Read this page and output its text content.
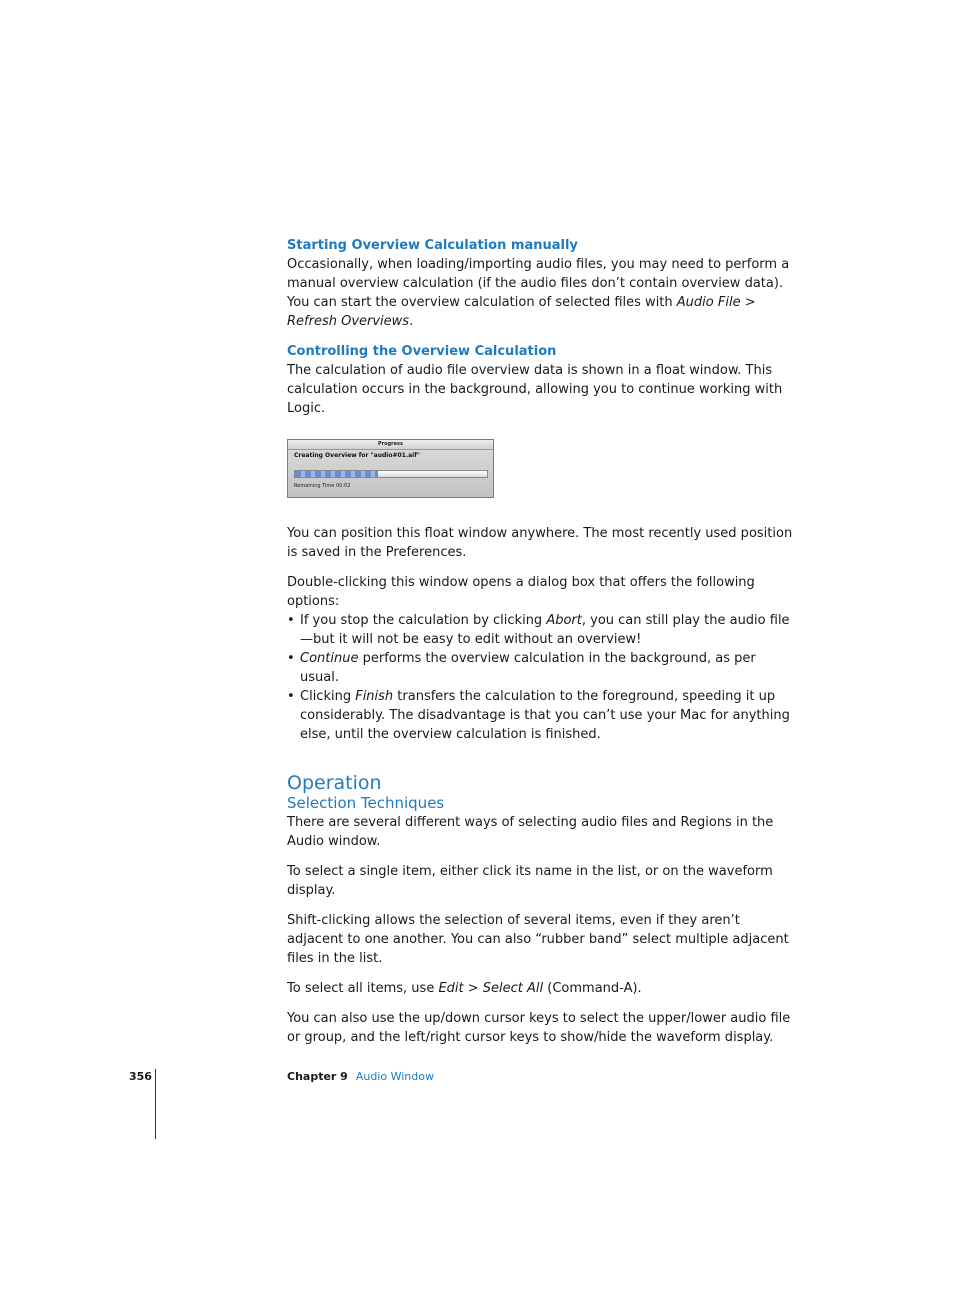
Starting Overview Calculation manually

Occasionally, when loading/importing audio files, you may need to perform a manual overview calculation (if the audio files don’t contain overview data). You can start the overview calculation of selected files with Audio File > Refresh Overviews.

Controlling the Overview Calculation

The calculation of audio file overview data is shown in a float window. This calculation occurs in the background, allowing you to continue working with Logic.

Progress
Creating Overview for "audio#01.aif"
Remaining Time 00:02

You can position this float window anywhere. The most recently used position is saved in the Preferences.

Double-clicking this window opens a dialog box that offers the following options:

• If you stop the calculation by clicking Abort, you can still play the audio file—but it will not be easy to edit without an overview!
• Continue performs the overview calculation in the background, as per usual.
• Clicking Finish transfers the calculation to the foreground, speeding it up considerably. The disadvantage is that you can’t use your Mac for anything else, until the overview calculation is finished.
Operation
Selection Techniques

There are several different ways of selecting audio files and Regions in the Audio window.

To select a single item, either click its name in the list, or on the waveform display.

Shift-clicking allows the selection of several items, even if they aren’t adjacent to one another. You can also “rubber band” select multiple adjacent files in the list.

To select all items, use Edit > Select All (Command-A).

You can also use the up/down cursor keys to select the upper/lower audio file or group, and the left/right cursor keys to show/hide the waveform display.

356	Chapter 9 Audio Window
